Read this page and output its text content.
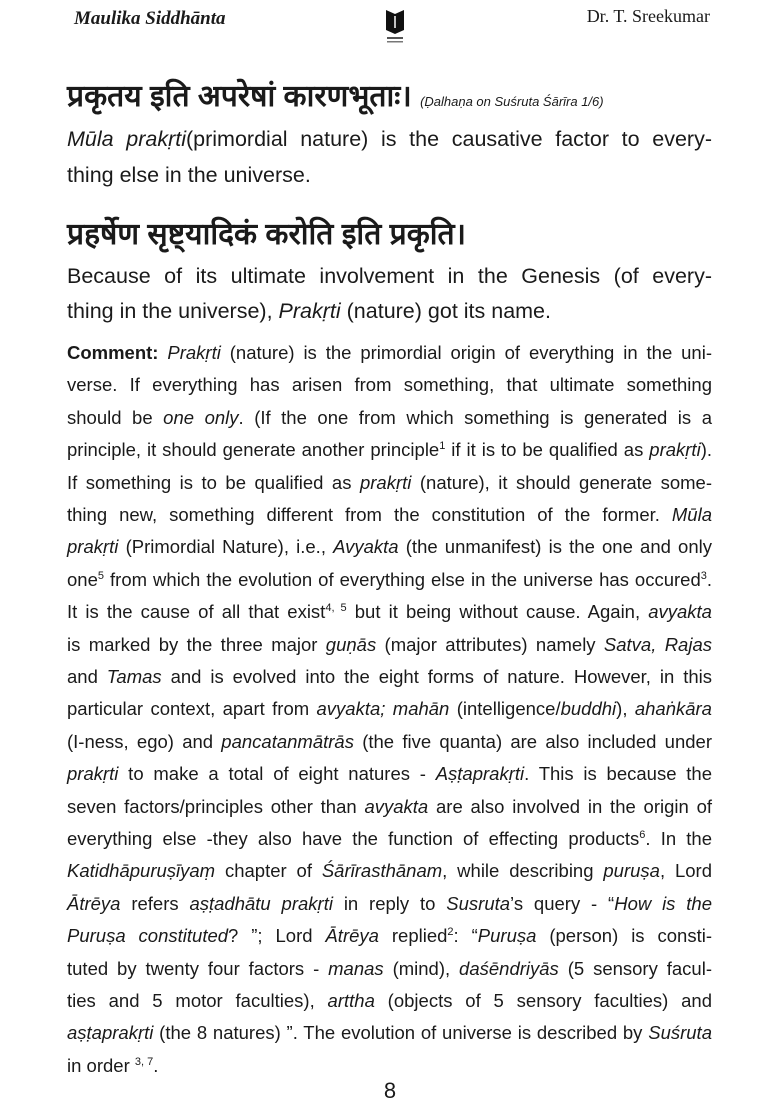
Maulika Siddhānta	Dr. T. Sreekumar
प्रकृतय इति अपरेषां कारणभूताः। (Ḍalhaṇa on Suśruta Śārīra 1/6)
Mūla prakṛti(primordial nature) is the causative factor to every-
thing else in the universe.
प्रहर्षेण सृष्ट्यादिकं करोति इति प्रकृति।
Because of its ultimate involvement in the Genesis (of every-
thing in the universe), Prakṛti (nature) got its name.
Comment: Prakṛti (nature) is the primordial origin of everything in the uni-
verse. If everything has arisen from something, that ultimate something
should be one only. (If the one from which something is generated is a
principle, it should generate another principle$^1$ if it is to be qualified as prakṛti).
If something is to be qualified as prakṛti (nature), it should generate some-
thing new, something different from the constitution of the former. Mūla
prakṛti (Primordial Nature), i.e., Avyakta (the unmanifest) is the one and only
one$^5$ from which the evolution of everything else in the universe has occured$^3$.
It is the cause of all that exist$^{4, 5}$ but it being without cause. Again, avyakta
is marked by the three major guṇās (major attributes) namely Satva, Rajas
and Tamas and is evolved into the eight forms of nature. However, in this
particular context, apart from avyakta; mahān (intelligence/buddhi), ahaṅkāra
(I-ness, ego) and pancatanmātrās (the five quanta) are also included under
prakṛti to make a total of eight natures - Aṣṭaprakṛti. This is because the
seven factors/principles other than avyakta are also involved in the origin of
everything else -they also have the function of effecting products$^6$. In the
Katidhāpuruṣīyaṃ chapter of Śārīrasthānam, while describing puruṣa, Lord
Ātrēya refers aṣṭadhātu prakṛti in reply to Susruta’s query - “How is the
Puruṣa constituted? ”; Lord Ātrēya replied$^2$: “Puruṣa (person) is consti-
tuted by twenty four factors - manas (mind), daśēndriyās (5 sensory facul-
ties and 5 motor faculties), arttha (objects of 5 sensory faculties) and
aṣṭaprakṛti (the 8 natures) ”. The evolution of universe is described by Suśruta
in order $^{3, 7}$.
8
